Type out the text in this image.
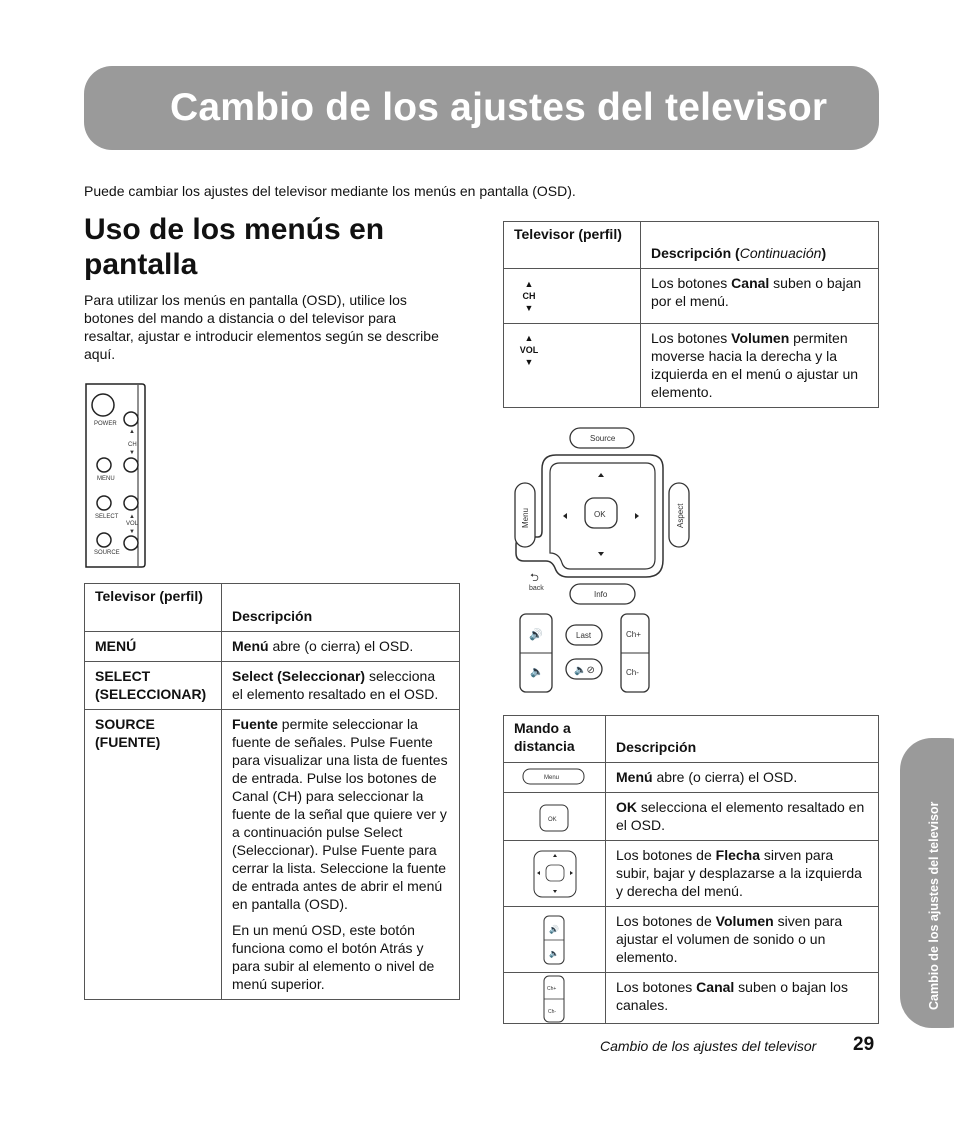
Cambio de los ajustes del televisor
Puede cambiar los ajustes del televisor mediante los menús en pantalla (OSD).
Uso de los menús en pantalla

Para utilizar los menús en pantalla (OSD), utilice los botones del mando a distancia o del televisor para resaltar, ajustar e introducir elementos según se describe aquí.

POWER
▲
CH
▼
MENU
SELECT ▲
VOL
▼
SOURCE
Televisor (perfil)	Descripción

MENÚ	Menú abre (o cierra) el OSD.

SELECT (SELECCIONAR)	Select (Seleccionar) selecciona el elemento resaltado en el OSD.

SOURCE (FUENTE)	Fuente permite seleccionar la fuente de señales. Pulse Fuente para visualizar una lista de fuentes de entrada. Pulse los botones de Canal (CH) para seleccionar la fuente de la señal que quiere ver y a continuación pulse Select (Seleccionar). Pulse Fuente para cerrar la lista. Seleccione la fuente de entrada antes de abrir el menú en pantalla (OSD).
En un menú OSD, este botón funciona como el botón Atrás y para subir al elemento o nivel de menú superior.
Televisor (perfil)	Descripción (Continuación)

▲
CH
▼	Los botones Canal suben o bajan por el menú.

▲
VOL
▼	Los botones Volumen permiten moverse hacia la derecha y la izquierda en el menú o ajustar un elemento.
Source
OK
Menu	Aspect
⮌
back
Info
🔊
🔈
Last
🔈⊘
Ch+
Ch-
Mando a distancia	Descripción

Menu	Menú abre (o cierra) el OSD.

OK	OK selecciona el elemento resaltado en el OSD.

Los botones de Flecha sirven para subir, bajar y desplazarse a la izquierda y derecha del menú.

🔊
🔈	Los botones de Volumen siven para ajustar el volumen de sonido o un elemento.

Ch+
Ch-	Los botones Canal suben o bajan los canales.	Cambio de los ajustes del televisor
Cambio de los ajustes del televisor 29
